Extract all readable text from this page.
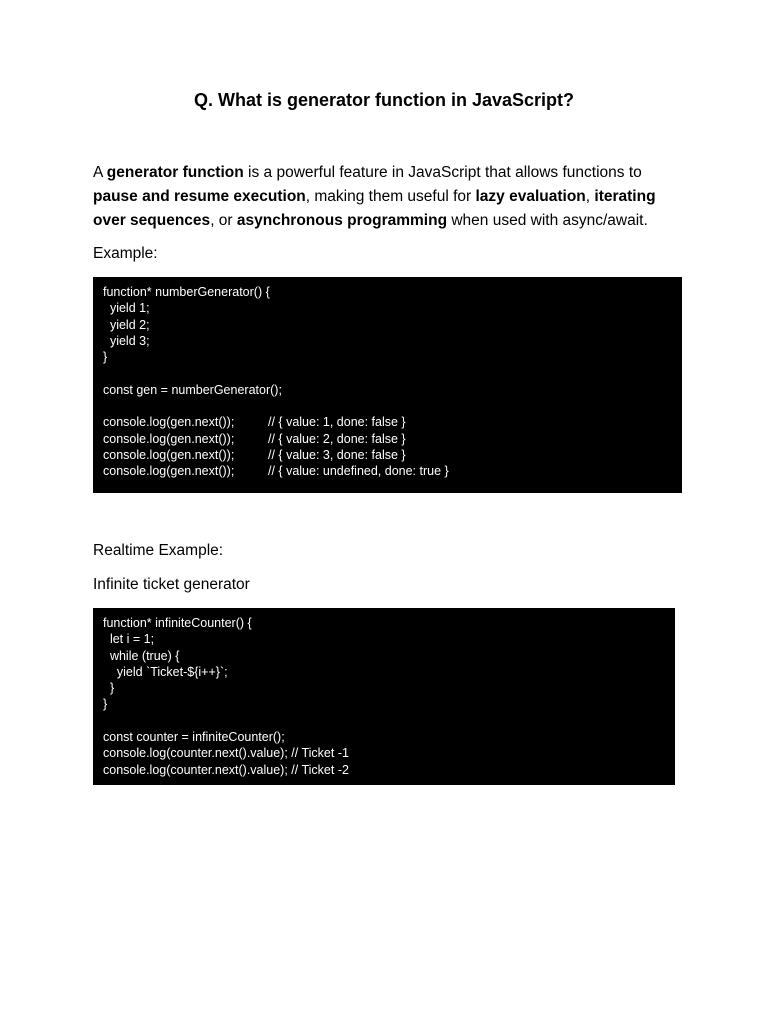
Q. What is generator function in JavaScript?
A generator function is a powerful feature in JavaScript that allows functions to pause and resume execution, making them useful for lazy evaluation, iterating over sequences, or asynchronous programming when used with async/await.
Example:
function* numberGenerator() {
yield 1;
yield 2;
yield 3;
}
const gen = numberGenerator();
console.log(gen.next());	// { value: 1, done: false }
console.log(gen.next());	// { value: 2, done: false }
console.log(gen.next());	// { value: 3, done: false }
console.log(gen.next());	// { value: undefined, done: true }
Realtime Example:
Infinite ticket generator
function* infiniteCounter() {
let i = 1;
while (true) {
yield `Ticket-${i++}`;
}
}
const counter = infiniteCounter();
console.log(counter.next().value); // Ticket -1
console.log(counter.next().value); // Ticket -2
